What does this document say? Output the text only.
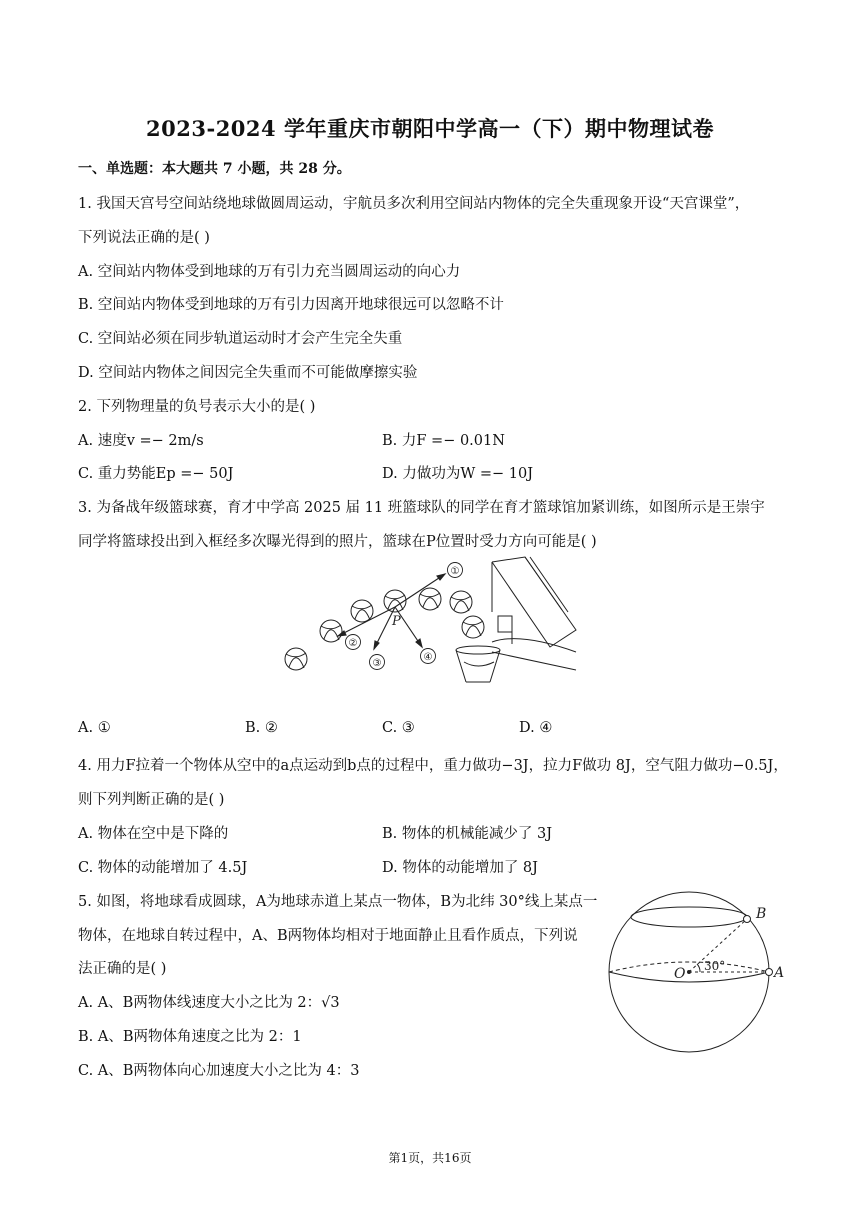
2023-2024 学年重庆市朝阳中学高一（下）期中物理试卷
一、单选题：本大题共 7 小题，共 28 分。
1. 我国天宫号空间站绕地球做圆周运动，宇航员多次利用空间站内物体的完全失重现象开设“天宫课堂”，
下列说法正确的是( )
A. 空间站内物体受到地球的万有引力充当圆周运动的向心力
B. 空间站内物体受到地球的万有引力因离开地球很远可以忽略不计
C. 空间站必须在同步轨道运动时才会产生完全失重
D. 空间站内物体之间因完全失重而不可能做摩擦实验
2. 下列物理量的负号表示大小的是( )
A. 速度v =− 2m/s	B. 力F =− 0.01N
C. 重力势能Ep =− 50J	D. 力做功为W =− 10J
3. 为备战年级篮球赛，育才中学高 2025 届 11 班篮球队的同学在育才篮球馆加紧训练，如图所示是王崇宇
同学将篮球投出到入框经多次曝光得到的照片，篮球在P位置时受力方向可能是( )
①
②
③
④
P
A. ①	B. ②	C. ③	D. ④
4. 用力F拉着一个物体从空中的a点运动到b点的过程中，重力做功−3J，拉力F做功 8J，空气阻力做功−0.5J，
则下列判断正确的是( )
A. 物体在空中是下降的	B. 物体的机械能减少了 3J
C. 物体的动能增加了 4.5J	D. 物体的动能增加了 8J
5. 如图，将地球看成圆球，A为地球赤道上某点一物体，B为北纬 30°线上某点一
物体，在地球自转过程中，A、B两物体均相对于地面静止且看作质点，下列说
法正确的是( )
A. A、B两物体线速度大小之比为 2：√3
B. A、B两物体角速度之比为 2：1
C. A、B两物体向心加速度大小之比为 4：3
B
O 30°	A
第1页，共16页
